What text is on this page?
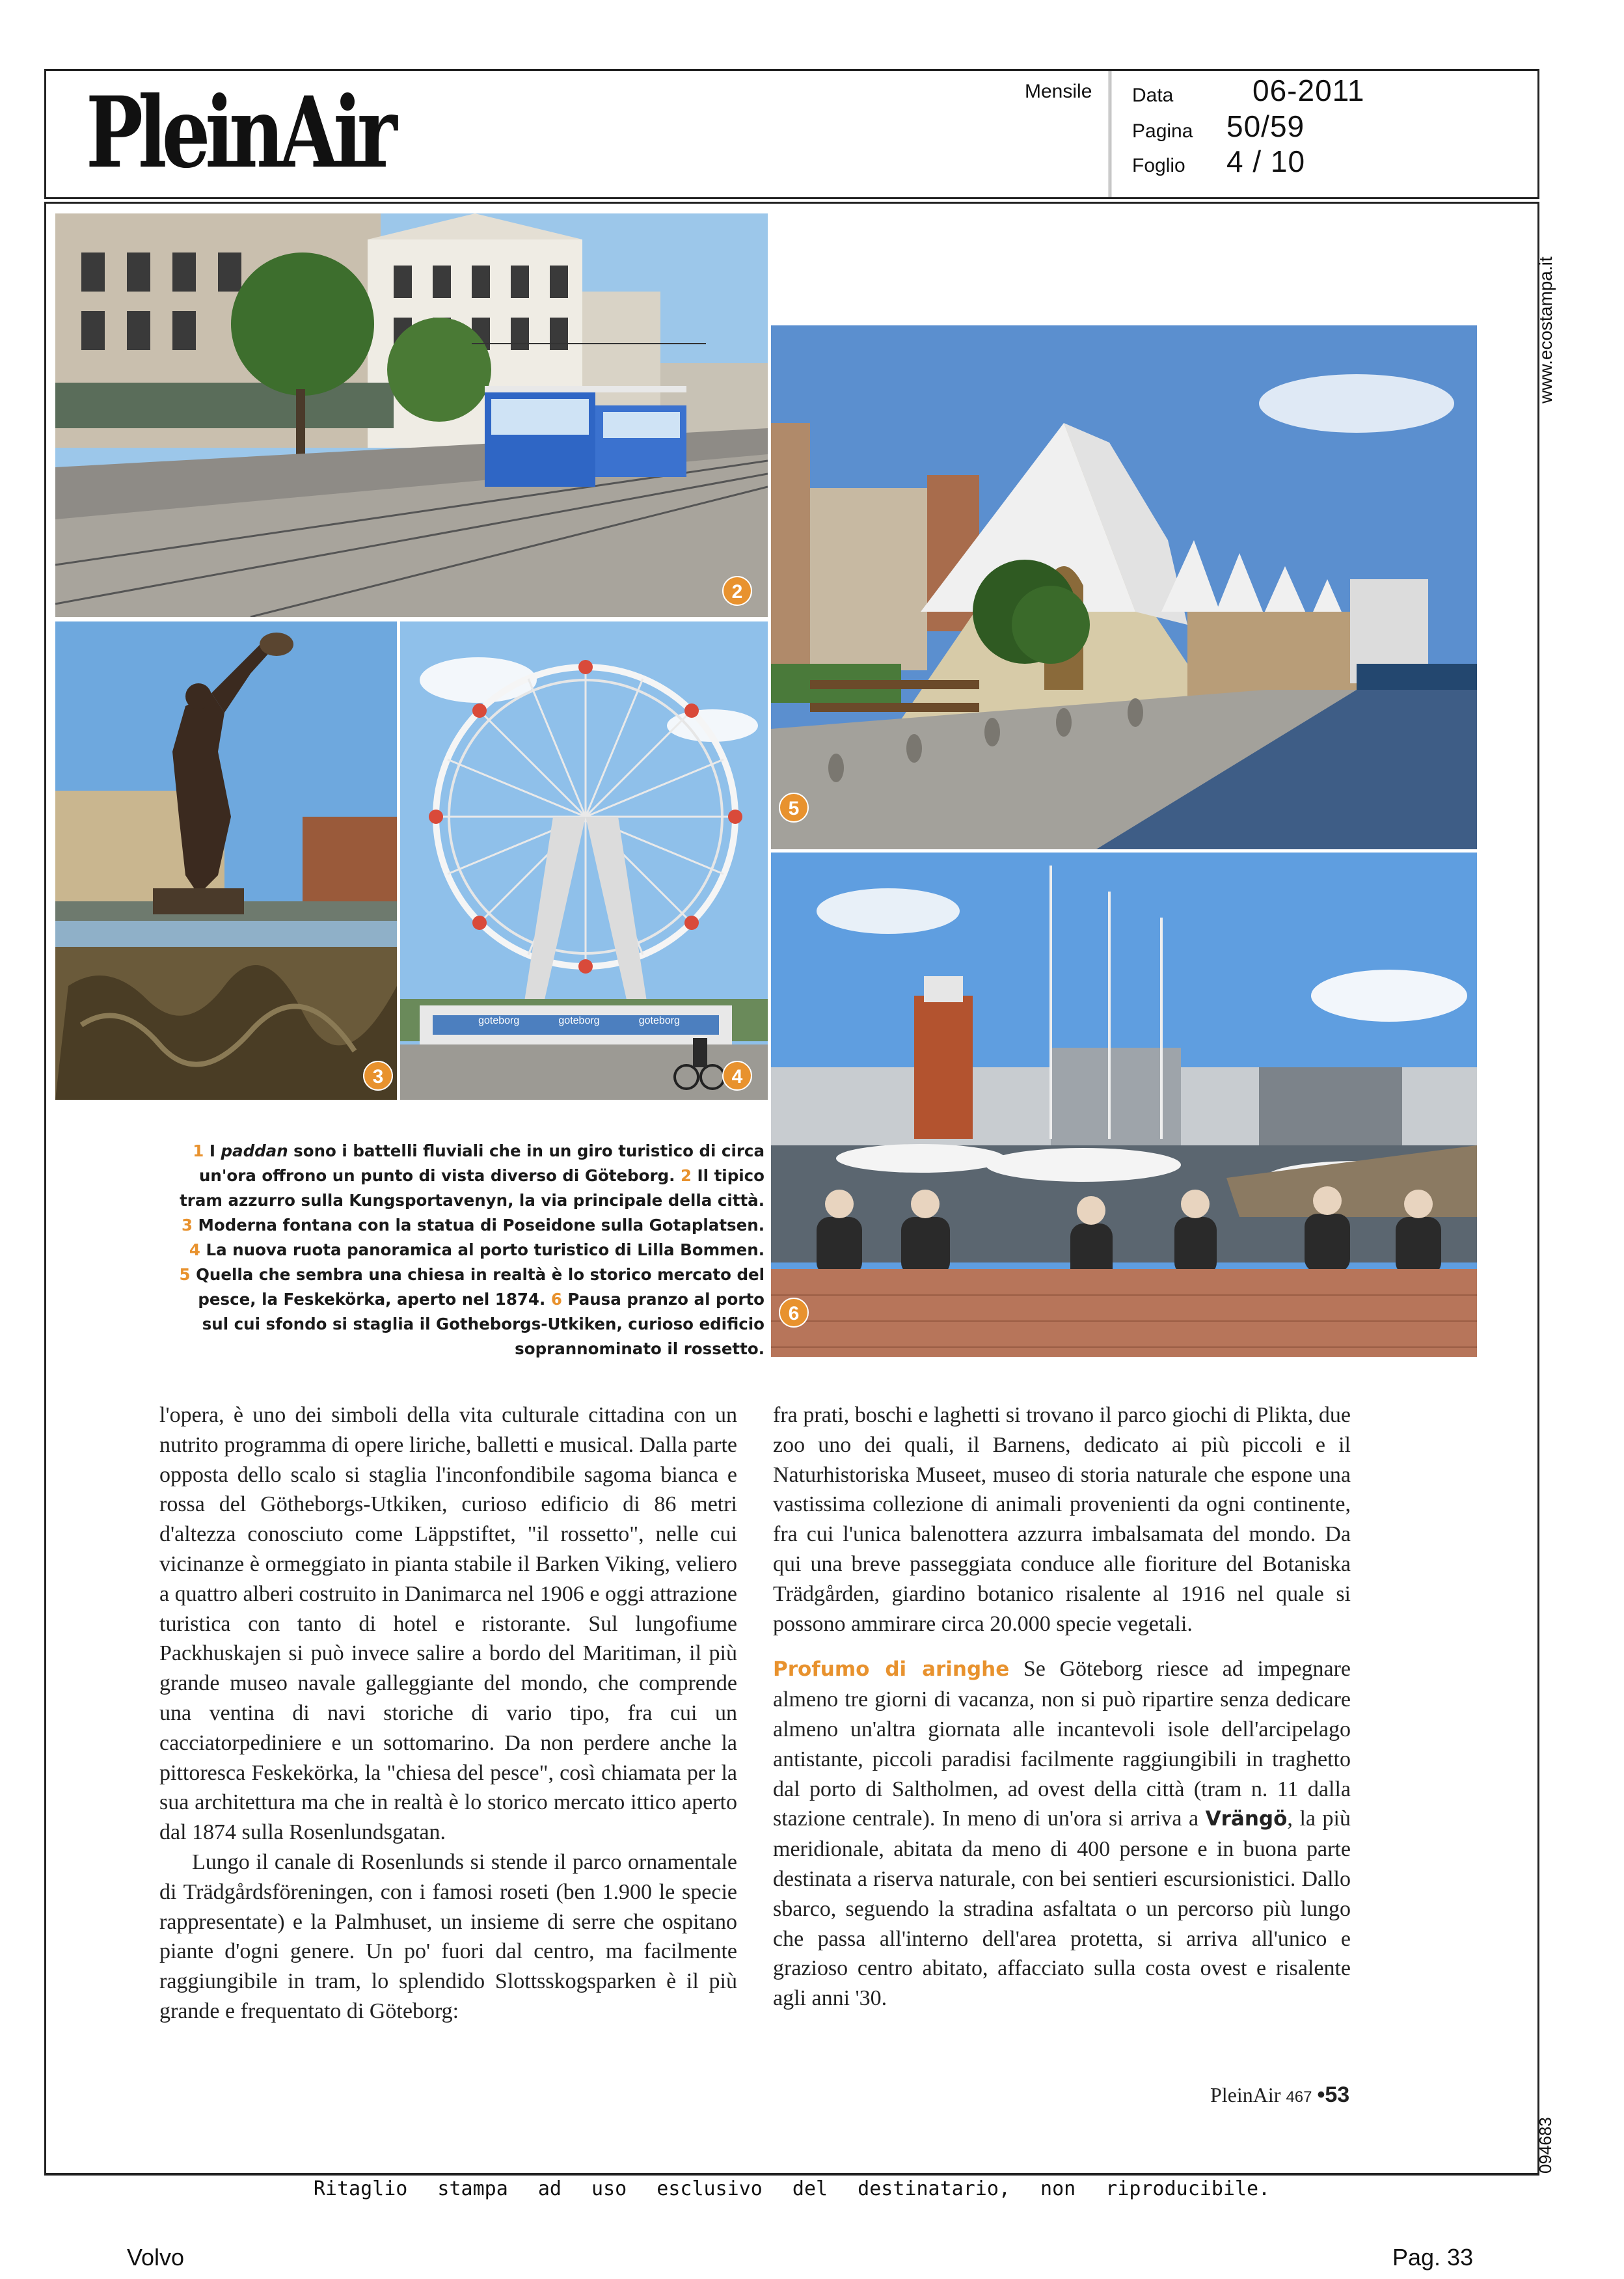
PleinAir	Mensile Data	06-2011
Pagina 50/59
Foglio 4 / 10
www.ecostampa.it
094683
2
3
goteborg	goteborg	goteborg
4
5
6
1 I paddan sono i battelli fluviali che in un giro turistico di circa un'ora offrono un punto di vista diverso di Göteborg. 2 Il tipico tram azzurro sulla Kungsportavenyn, la via principale della città. 3 Moderna fontana con la statua di Poseidone sulla Gotaplatsen. 4 La nuova ruota panoramica al porto turistico di Lilla Bommen. 5 Quella che sembra una chiesa in realtà è lo storico mercato del pesce, la Feskekörka, aperto nel 1874. 6 Pausa pranzo al porto sul cui sfondo si staglia il Gotheborgs-Utkiken, curioso edificio soprannominato il rossetto.

l'opera, è uno dei simboli della vita culturale cittadina con un nutrito programma di opere liriche, balletti e musical. Dalla parte opposta dello scalo si staglia l'inconfondibile sagoma bianca e rossa del Götheborgs-Utkiken, curioso edificio di 86 metri d'altezza conosciuto come Läppstiftet, "il rossetto", nelle cui vicinanze è ormeggiato in pianta stabile il Barken Viking, veliero a quattro alberi costruito in Danimarca nel 1906 e oggi attrazione turistica con tanto di hotel e ristorante. Sul lungofiume Packhuskajen si può invece salire a bordo del Maritiman, il più grande museo navale galleggiante del mondo, che comprende una ventina di navi storiche di vario tipo, fra cui un cacciatorpediniere e un sottomarino. Da non perdere anche la pittoresca Feskekörka, la "chiesa del pesce", così chiamata per la sua architettura ma che in realtà è lo storico mercato ittico aperto dal 1874 sulla Rosenlundsgatan.

Lungo il canale di Rosenlunds si stende il parco ornamentale di Trädgårdsföreningen, con i famosi roseti (ben 1.900 le specie rappresentate) e la Palmhuset, un insieme di serre che ospitano piante d'ogni genere. Un po' fuori dal centro, ma facilmente raggiungibile in tram, lo splendido Slottsskogsparken è il più grande e frequentato di Göteborg:

fra prati, boschi e laghetti si trovano il parco giochi di Plikta, due zoo uno dei quali, il Barnens, dedicato ai più piccoli e il Naturhistoriska Museet, museo di storia naturale che espone una vastissima collezione di animali provenienti da ogni continente, fra cui l'unica balenottera azzurra imbalsamata del mondo. Da qui una breve passeggiata conduce alle fioriture del Botaniska Trädgården, giardino botanico risalente al 1916 nel quale si possono ammirare circa 20.000 specie vegetali.

Profumo di aringhe Se Göteborg riesce ad impegnare almeno tre giorni di vacanza, non si può ripartire senza dedicare almeno un'altra giornata alle incantevoli isole dell'arcipelago antistante, piccoli paradisi facilmente raggiungibili in traghetto dal porto di Saltholmen, ad ovest della città (tram n. 11 dalla stazione centrale). In meno di un'ora si arriva a Vrängö, la più meridionale, abitata da meno di 400 persone e in buona parte destinata a riserva naturale, con bei sentieri escursionistici. Dallo sbarco, seguendo la stradina asfaltata o un percorso più lungo che passa all'interno dell'area protetta, si arriva all'unico e grazioso centro abitato, affacciato sulla costa ovest e risalente agli anni '30.

PleinAir 467 •53
Ritaglio stampa ad uso esclusivo del destinatario, non riproducibile.
Volvo	Pag. 33
